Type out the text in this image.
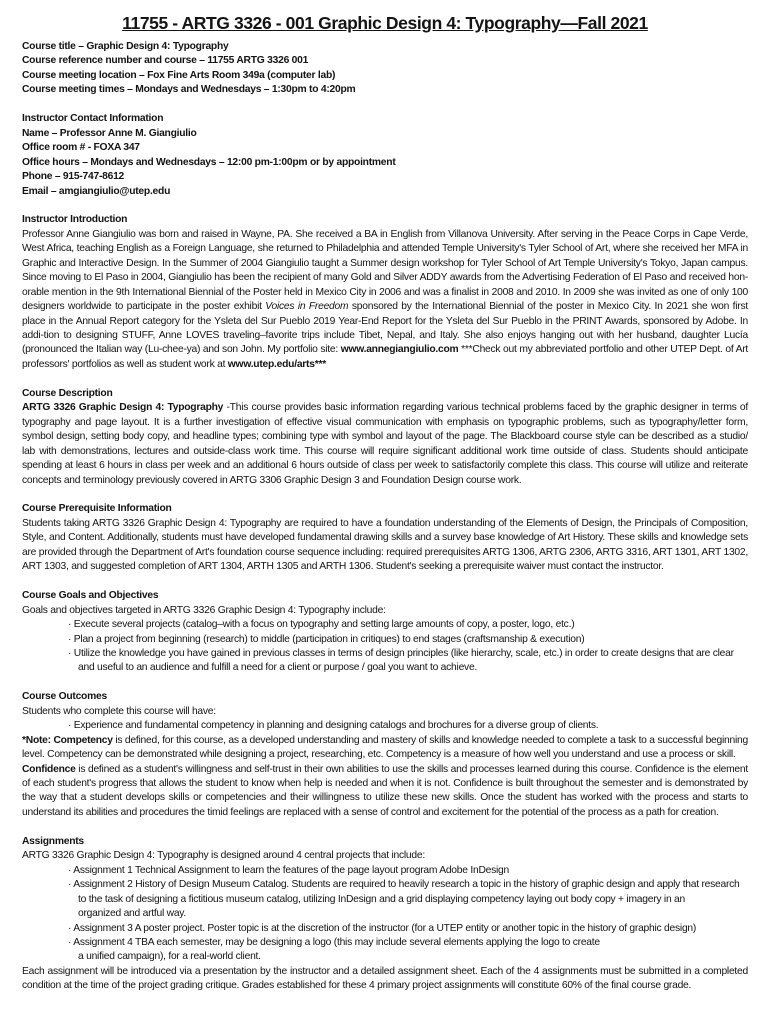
11755 - ARTG 3326 - 001 Graphic Design 4: Typography—Fall 2021
Course title – Graphic Design 4: Typography
Course reference number and course – 11755 ARTG 3326 001
Course meeting location – Fox Fine Arts Room 349a (computer lab)
Course meeting times – Mondays and Wednesdays – 1:30pm to 4:20pm
Instructor Contact Information
Name – Professor Anne M. Giangiulio
Office room # - FOXA 347
Office hours – Mondays and Wednesdays – 12:00 pm-1:00pm or by appointment
Phone – 915-747-8612
Email – amgiangiulio@utep.edu
Instructor Introduction

Professor Anne Giangiulio was born and raised in Wayne, PA. She received a BA in English from Villanova University. After serving in the Peace Corps in Cape Verde, West Africa, teaching English as a Foreign Language, she returned to Philadelphia and attended Temple University's Tyler School of Art, where she received her MFA in Graphic and Interactive Design. In the Summer of 2004 Giangiulio taught a Summer design workshop for Tyler School of Art Temple University's Tokyo, Japan campus. Since moving to El Paso in 2004, Giangiulio has been the recipient of many Gold and Silver ADDY awards from the Advertising Federation of El Paso and received hon-orable mention in the 9th International Biennial of the Poster held in Mexico City in 2006 and was a finalist in 2008 and 2010. In 2009 she was invited as one of only 100 designers worldwide to participate in the poster exhibit Voices in Freedom sponsored by the International Biennial of the poster in Mexico City. In 2021 she won first place in the Annual Report category for the Ysleta del Sur Pueblo 2019 Year-End Report for the Ysleta del Sur Pueblo in the PRINT Awards, sponsored by Adobe. In addi-tion to designing STUFF, Anne LOVES traveling–favorite trips include Tibet, Nepal, and Italy. She also enjoys hanging out with her husband, daughter Lucía (pronounced the Italian way (Lu-chee-ya) and son John. My portfolio site: www.annegiangiulio.com ***Check out my abbreviated portfolio and other UTEP Dept. of Art professors' portfolios as well as student work at www.utep.edu/arts***

Course Description

ARTG 3326 Graphic Design 4: Typography -This course provides basic information regarding various technical problems faced by the graphic designer in terms of typography and page layout. It is a further investigation of effective visual communication with emphasis on typographic problems, such as typography/letter form, symbol design, setting body copy, and headline types; combining type with symbol and layout of the page. The Blackboard course style can be described as a studio/ lab with demonstrations, lectures and outside-class work time. This course will require significant additional work time outside of class. Students should anticipate spending at least 6 hours in class per week and an additional 6 hours outside of class per week to satisfactorily complete this class. This course will utilize and reiterate concepts and terminology previously covered in ARTG 3306 Graphic Design 3 and Foundation Design course work.

Course Prerequisite Information

Students taking ARTG 3326 Graphic Design 4: Typography are required to have a foundation understanding of the Elements of Design, the Principals of Composition, Style, and Content. Additionally, students must have developed fundamental drawing skills and a survey base knowledge of Art History. These skills and knowledge sets are provided through the Department of Art's foundation course sequence including: required prerequisites ARTG 1306, ARTG 2306, ARTG 3316, ART 1301, ART 1302, ART 1303, and suggested completion of ART 1304, ARTH 1305 and ARTH 1306. Student's seeking a prerequisite waiver must contact the instructor.

Course Goals and Objectives
Goals and objectives targeted in ARTG 3326 Graphic Design 4: Typography include:
· Execute several projects (catalog–with a focus on typography and setting large amounts of copy, a poster, logo, etc.)
· Plan a project from beginning (research) to middle (participation in critiques) to end stages (craftsmanship & execution)
· Utilize the knowledge you have gained in previous classes in terms of design principles (like hierarchy, scale, etc.) in order to create designs that are clear
and useful to an audience and fulfill a need for a client or purpose / goal you want to achieve.
Course Outcomes
Students who complete this course will have:
· Experience and fundamental competency in planning and designing catalogs and brochures for a diverse group of clients.

*Note: Competency is defined, for this course, as a developed understanding and mastery of skills and knowledge needed to complete a task to a successful beginning level. Competency can be demonstrated while designing a project, researching, etc. Competency is a measure of how well you understand and use a process or skill.

Confidence is defined as a student's willingness and self-trust in their own abilities to use the skills and processes learned during this course. Confidence is the element of each student's progress that allows the student to know when help is needed and when it is not. Confidence is built throughout the semester and is demonstrated by the way that a student develops skills or competencies and their willingness to utilize these new skills. Once the student has worked with the process and starts to understand its abilities and procedures the timid feelings are replaced with a sense of control and excitement for the potential of the process as a path for creation.

Assignments
ARTG 3326 Graphic Design 4: Typography is designed around 4 central projects that include:
· Assignment 1 Technical Assignment to learn the features of the page layout program Adobe InDesign
· Assignment 2 History of Design Museum Catalog. Students are required to heavily research a topic in the history of graphic design and apply that research
to the task of designing a fictitious museum catalog, utilizing InDesign and a grid displaying competency laying out body copy + imagery in an
organized and artful way.
· Assignment 3 A poster project. Poster topic is at the discretion of the instructor (for a UTEP entity or another topic in the history of graphic design)
· Assignment 4 TBA each semester, may be designing a logo (this may include several elements applying the logo to create
a unified campaign), for a real-world client.

Each assignment will be introduced via a presentation by the instructor and a detailed assignment sheet. Each of the 4 assignments must be submitted in a completed condition at the time of the project grading critique. Grades established for these 4 primary project assignments will constitute 60% of the final course grade.
